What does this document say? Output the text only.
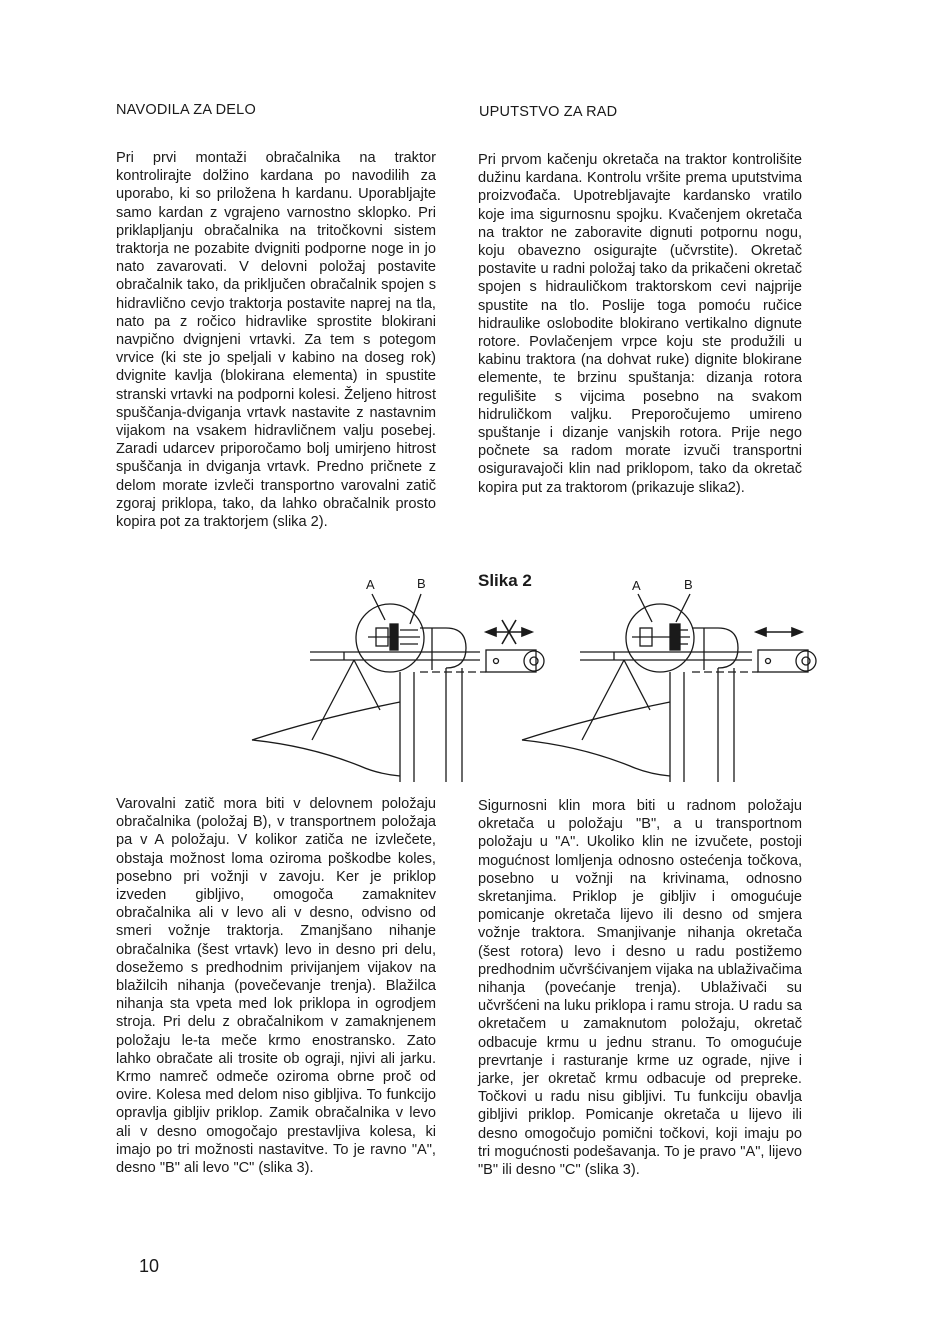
NAVODILA ZA DELO	UPUTSTVO ZA RAD

Pri prvi montaži obračalnika na traktor kontrolirajte dolžino kardana po navodilih za uporabo, ki so priložena h kardanu. Uporabljajte samo kardan z vgrajeno varnostno sklopko. Pri priklapljanju obračalnika na tritočkovni sistem traktorja ne pozabite dvigniti podporne noge in jo nato zavarovati. V delovni položaj postavite obračalnik tako, da priključen obračalnik spojen s hidravlično cevjo traktorja postavite naprej na tla, nato pa z ročico hidravlike sprostite blokirani navpično dvignjeni vrtavki. Za tem s potegom vrvice (ki ste jo speljali v kabino na doseg rok) dvignite kavlja (blokirana elementa) in spustite stranski vrtavki na podporni kolesi. Željeno hitrost spuščanja-dviganja vrtavk nastavite z nastavnim vijakom na vsakem hidravličnem valju posebej. Zaradi udarcev priporočamo bolj umirjeno hitrost spuščanja in dviganja vrtavk. Predno pričnete z delom morate izvleči transportno varovalni zatič zgoraj priklopa, tako, da lahko obračalnik prosto kopira pot za traktorjem (slika 2).

Pri prvom kačenju okretača na traktor kontrolišite dužinu kardana. Kontrolu vršite prema uputstvima proizvođača. Upotrebljavajte kardansko vratilo koje ima sigurnosnu spojku. Kvačenjem okretača na traktor ne zaboravite dignuti potpornu nogu, koju obavezno osigurajte (učvrstite). Okretač postavite u radni položaj tako da prikačeni okretač spojen s hidrauličkom traktorskom cevi najprije spustite na tlo. Poslije toga pomoću ručice hidraulike oslobodite blokirano vertikalno dignute rotore. Povlačenjem vrpce koju ste produžili u kabinu traktora (na dohvat ruke) dignite blokirane elemente, te brzinu spuštanja: dizanja rotora regulišite s vijcima posebno na svakom hidruličkom valjku. Preporočujemo umireno spuštanje i dizanje vanjskih rotora. Prije nego počnete sa radom morate izvuči transportni osiguravajoči klin nad priklopom, tako da okretač kopira put za traktorom (prikazuje slika2).

Slika 2
A	B	A	B

Varovalni zatič mora biti v delovnem položaju obračalnika (položaj B), v transportnem položaja pa v A položaju. V kolikor zatiča ne izvlečete, obstaja možnost loma oziroma poškodbe koles, posebno pri vožnji v zavoju. Ker je priklop izveden gibljivo, omogoča zamaknitev obračalnika ali v levo ali v desno, odvisno od smeri vožnje traktorja. Zmanjšano nihanje obračalnika (šest vrtavk) levo in desno pri delu, dosežemo s predhodnim privijanjem vijakov na blažilcih nihanja (povečevanje trenja). Blažilca nihanja sta vpeta med lok priklopa in ogrodjem stroja. Pri delu z obračalnikom v zamaknjenem položaju le-ta meče krmo enostransko. Zato lahko obračate ali trosite ob ograji, njivi ali jarku. Krmo namreč odmeče oziroma obrne proč od ovire. Kolesa med delom niso gibljiva. To funkcijo opravlja gibljiv priklop. Zamik obračalnika v levo ali v desno omogočajo prestavljiva kolesa, ki imajo po tri možnosti nastavitve. To je ravno "A", desno "B" ali levo "C" (slika 3).

Sigurnosni klin mora biti u radnom položaju okretača u položaju "B", a u transportnom položaju u "A". Ukoliko klin ne izvučete, postoji mogućnost lomljenja odnosno ostećenja točkova, posebno u vožnji na krivinama, odnosno skretanjima. Priklop je gibljiv i omogućuje pomicanje okretača lijevo ili desno od smjera vožnje traktora. Smanjivanje nihanja okretača (šest rotora) levo i desno u radu postižemo predhodnim učvršćivanjem vijaka na ublaživačima nihanja (povećanje trenja). Ublaživači su učvršćeni na luku priklopa i ramu stroja. U radu sa okretačem u zamaknutom položaju, okretač odbacuje krmu u jednu stranu. To omogućuje prevrtanje i rasturanje krme uz ograde, njive i jarke, jer okretač krmu odbacuje od prepreke. Točkovi u radu nisu gibljivi. Tu funkciju obavlja gibljivi priklop. Pomicanje okretača u lijevo ili desno omogočujo pomični točkovi, koji imaju po tri mogućnosti podešavanja. To je pravo "A", lijevo "B" ili desno "C" (slika 3).

10
